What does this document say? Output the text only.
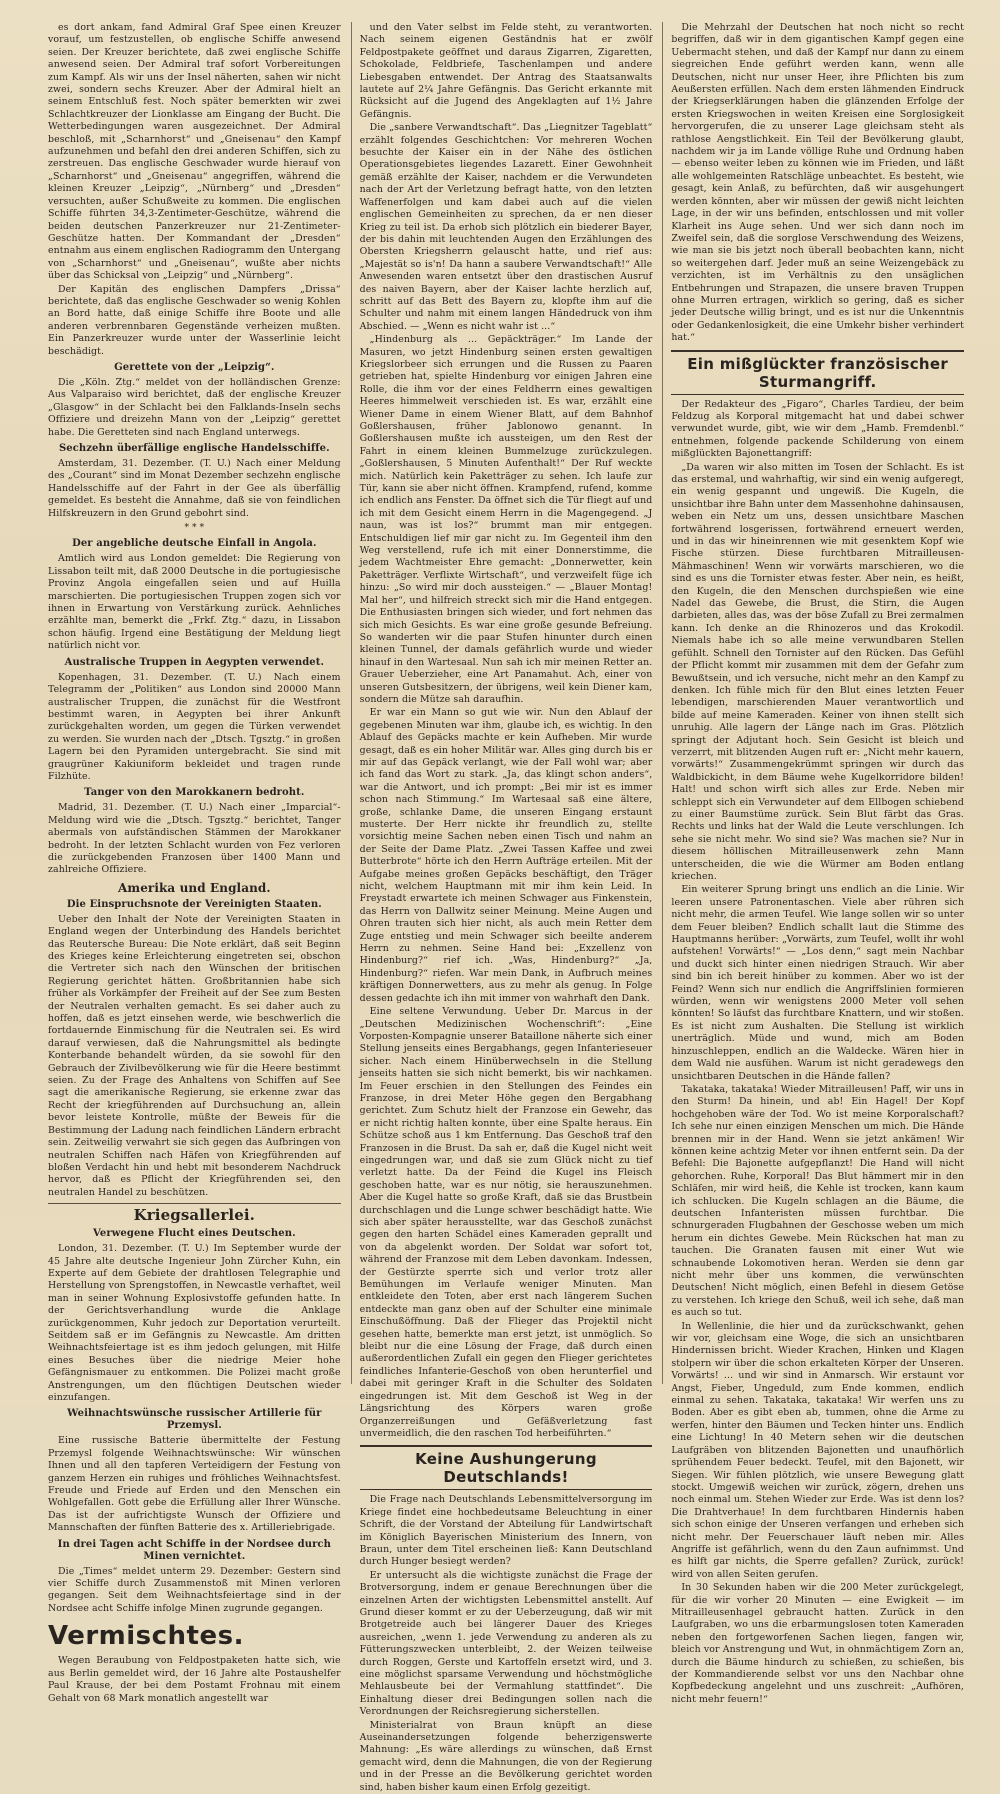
es dort ankam, fand Admiral Graf Spee einen Kreuzer vorauf, um festzustellen, ob englische Schiffe anwesend seien. Der Kreuzer berichtete, daß zwei englische Schiffe anwesend seien. Der Admiral traf sofort Vorbereitungen zum Kampf. Als wir uns der Insel näherten, sahen wir nicht zwei, sondern sechs Kreuzer. Aber der Admiral hielt an seinem Entschluß fest. Noch später bemerkten wir zwei Schlachtkreuzer der Lionklasse am Eingang der Bucht. Die Wetterbedingungen waren ausgezeichnet. Der Admiral beschloß, mit „Scharnhorst“ und „Gneisenau“ den Kampf aufzunehmen und befahl den drei anderen Schiffen, sich zu zerstreuen. Das englische Geschwader wurde hierauf von „Scharnhorst“ und „Gneisenau“ angegriffen, während die kleinen Kreuzer „Leipzig“, „Nürnberg“ und „Dresden“ versuchten, außer Schußweite zu kommen. Die englischen Schiffe führten 34,3-Zentimeter-Geschütze, während die beiden deutschen Panzerkreuzer nur 21-Zentimeter-Geschütze hatten. Der Kommandant der „Dresden“ entnahm aus einem englischen Radiogramm den Untergang von „Scharnhorst“ und „Gneisenau“, wußte aber nichts über das Schicksal von „Leipzig“ und „Nürnberg“.

Der Kapitän des englischen Dampfers „Drissa“ berichtete, daß das englische Geschwader so wenig Kohlen an Bord hatte, daß einige Schiffe ihre Boote und alle anderen verbrennbaren Gegenstände verheizen mußten. Ein Panzerkreuzer wurde unter der Wasserlinie leicht beschädigt.

Gerettete von der „Leipzig“.

Die „Köln. Ztg.“ meldet von der holländischen Grenze: Aus Valparaiso wird berichtet, daß der englische Kreuzer „Glasgow“ in der Schlacht bei den Falklands-Inseln sechs Offiziere und dreizehn Mann von der „Leipzig“ gerettet habe. Die Geretteten sind nach England unterwegs.

Sechzehn überfällige englische Handelsschiffe.

Amsterdam, 31. Dezember. (T. U.) Nach einer Meldung des „Courant“ sind im Monat Dezember sechzehn englische Handelsschiffe auf der Fahrt in der Gee als überfällig gemeldet. Es besteht die Annahme, daß sie von feindlichen Hilfskreuzern in den Grund gebohrt sind.

* * *
Der angebliche deutsche Einfall in Angola.

Amtlich wird aus London gemeldet: Die Regierung von Lissabon teilt mit, daß 2000 Deutsche in die portugiesische Provinz Angola eingefallen seien und auf Huilla marschierten. Die portugiesischen Truppen zogen sich vor ihnen in Erwartung von Verstärkung zurück. Aehnliches erzählte man, bemerkt die „Frkf. Ztg.“ dazu, in Lissabon schon häufig. Irgend eine Bestätigung der Meldung liegt natürlich nicht vor.

Australische Truppen in Aegypten verwendet.

Kopenhagen, 31. Dezember. (T. U.) Nach einem Telegramm der „Politiken“ aus London sind 20000 Mann australischer Truppen, die zunächst für die Westfront bestimmt waren, in Aegypten bei ihrer Ankunft zurückgehalten worden, um gegen die Türken verwendet zu werden. Sie wurden nach der „Dtsch. Tgsztg.“ in großen Lagern bei den Pyramiden untergebracht. Sie sind mit graugrüner Kakiuniform bekleidet und tragen runde Filzhüte.

Tanger von den Marokkanern bedroht.

Madrid, 31. Dezember. (T. U.) Nach einer „Imparcial“-Meldung wird wie die „Dtsch. Tgsztg.“ berichtet, Tanger abermals von aufständischen Stämmen der Marokkaner bedroht. In der letzten Schlacht wurden von Fez verloren die zurückgebenden Franzosen über 1400 Mann und zahlreiche Offiziere.

Amerika und England.
Die Einspruchsnote der Vereinigten Staaten.

Ueber den Inhalt der Note der Vereinigten Staaten in England wegen der Unterbindung des Handels berichtet das Reutersche Bureau: Die Note erklärt, daß seit Beginn des Krieges keine Erleichterung eingetreten sei, obschon die Vertreter sich nach den Wünschen der britischen Regierung gerichtet hätten. Großbritannien habe sich früher als Vorkämpfer der Freiheit auf der See zum Besten der Neutralen verhalten gemacht. Es sei daher auch zu hoffen, daß es jetzt einsehen werde, wie beschwerlich die fortdauernde Einmischung für die Neutralen sei. Es wird darauf verwiesen, daß die Nahrungsmittel als bedingte Konterbande behandelt würden, da sie sowohl für den Gebrauch der Zivilbevölkerung wie für die Heere bestimmt seien. Zu der Frage des Anhaltens von Schiffen auf See sagt die amerikanische Regierung, sie erkenne zwar das Recht der kriegführenden auf Durchsuchung an, allein bevor leistete Kontrolle, müßte der Beweis für die Bestimmung der Ladung nach feindlichen Ländern erbracht sein. Zeitweilig verwahrt sie sich gegen das Aufbringen von neutralen Schiffen nach Häfen von Kriegführenden auf bloßen Verdacht hin und hebt mit besonderem Nachdruck hervor, daß es Pflicht der Kriegführenden sei, den neutralen Handel zu beschützen.

Kriegsallerlei.
Verwegene Flucht eines Deutschen.

London, 31. Dezember. (T. U.) Im September wurde der 45 Jahre alte deutsche Ingenieur John Zürcher Kuhn, ein Experte auf dem Gebiete der drahtlosen Telegraphie und Herstellung von Sprengstoffen, in Newcastle verhaftet, weil man in seiner Wohnung Explosivstoffe gefunden hatte. In der Gerichtsverhandlung wurde die Anklage zurückgenommen, Kuhr jedoch zur Deportation verurteilt. Seitdem saß er im Gefängnis zu Newcastle. Am dritten Weihnachtsfeiertage ist es ihm jedoch gelungen, mit Hilfe eines Besuches über die niedrige Meier hohe Gefängnismauer zu entkommen. Die Polizei macht große Anstrengungen, um den flüchtigen Deutschen wieder einzufangen.

Weihnachtswünsche russischer Artillerie für Przemysl.

Eine russische Batterie übermittelte der Festung Przemysl folgende Weihnachtswünsche: Wir wünschen Ihnen und all den tapferen Verteidigern der Festung von ganzem Herzen ein ruhiges und fröhliches Weihnachtsfest. Freude und Friede auf Erden und den Menschen ein Wohlgefallen. Gott gebe die Erfüllung aller Ihrer Wünsche. Das ist der aufrichtigste Wunsch der Offiziere und Mannschaften der fünften Batterie des x. Artilleriebrigade.

In drei Tagen acht Schiffe in der Nordsee durch Minen vernichtet.

Die „Times“ meldet unterm 29. Dezember: Gestern sind vier Schiffe durch Zusammenstoß mit Minen verloren gegangen. Seit dem Weihnachtsfeiertage sind in der Nordsee acht Schiffe infolge Minen zugrunde gegangen.

Vermischtes.

Wegen Beraubung von Feldpostpaketen hatte sich, wie aus Berlin gemeldet wird, der 16 Jahre alte Postaushelfer Paul Krause, der bei dem Postamt Frohnau mit einem Gehalt von 68 Mark monatlich angestellt war

und den Vater selbst im Felde steht, zu verantworten. Nach seinem eigenen Geständnis hat er zwölf Feldpostpakete geöffnet und daraus Zigarren, Zigaretten, Schokolade, Feldbriefe, Taschenlampen und andere Liebesgaben entwendet. Der Antrag des Staatsanwalts lautete auf 2¼ Jahre Gefängnis. Das Gericht erkannte mit Rücksicht auf die Jugend des Angeklagten auf 1½ Jahre Gefängnis.

Die „sanbere Verwandtschaft“. Das „Liegnitzer Tageblatt“ erzählt folgendes Geschichtchen: Vor mehreren Wochen besuchte der Kaiser ein in der Nähe des östlichen Operationsgebietes liegendes Lazarett. Einer Gewohnheit gemäß erzählte der Kaiser, nachdem er die Verwundeten nach der Art der Verletzung befragt hatte, von den letzten Waffenerfolgen und kam dabei auch auf die vielen englischen Gemeinheiten zu sprechen, da er nen dieser Krieg zu teil ist. Da erhob sich plötzlich ein biederer Bayer, der bis dahin mit leuchtenden Augen den Erzählungen des Obersten Kriegsherrn gelauscht hatte, und rief aus: „Majestät so is'n! Da hann a saubere Verwandtschaft!“ Alle Anwesenden waren entsetzt über den drastischen Ausruf des naiven Bayern, aber der Kaiser lachte herzlich auf, schritt auf das Bett des Bayern zu, klopfte ihm auf die Schulter und nahm mit einem langen Händedruck von ihm Abschied. — „Wenn es nicht wahr ist ...“

„Hindenburg als ... Gepäckträger.“ Im Lande der Masuren, wo jetzt Hindenburg seinen ersten gewaltigen Kriegslorbeer sich errungen und die Russen zu Paaren getrieben hat, spielte Hindenburg vor einigen Jahren eine Rolle, die ihm vor der eines Feldherrn eines gewaltigen Heeres himmelweit verschieden ist. Es war, erzählt eine Wiener Dame in einem Wiener Blatt, auf dem Bahnhof Goßlershausen, früher Jablonowo genannt. In Goßlershausen mußte ich aussteigen, um den Rest der Fahrt in einem kleinen Bummelzuge zurückzulegen. „Goßlershausen, 5 Minuten Aufenthalt!“ Der Ruf weckte mich. Natürlich kein Paketträger zu sehen. Ich laufe zur Tür, kann sie aber nicht öffnen. Krampfend, rufend, komme ich endlich ans Fenster. Da öffnet sich die Tür fliegt auf und ich mit dem Gesicht einem Herrn in die Magengegend. „J naun, was ist los?“ brummt man mir entgegen. Entschuldigen lief mir gar nicht zu. Im Gegenteil ihm den Weg verstellend, rufe ich mit einer Donnerstimme, die jedem Wachtmeister Ehre gemacht: „Donnerwetter, kein Paketträger. Verflixte Wirtschaft“, und verzweifelt füge ich hinzu: „So wird mir doch aussteigen.“ — „Blauer Montag! Mal her“, und hilfreich streckt sich mir die Hand entgegen. Die Enthusiasten bringen sich wieder, und fort nehmen das sich mich Gesichts. Es war eine große gesunde Befreiung. So wanderten wir die paar Stufen hinunter durch einen kleinen Tunnel, der damals gefährlich wurde und wieder hinauf in den Wartesaal. Nun sah ich mir meinen Retter an. Grauer Ueberzieher, eine Art Panamahut. Ach, einer von unseren Gutsbesitzern, der übrigens, weil kein Diener kam, sondern die Mütze sah daraufhin.

Er war ein Mann so gut wie wir. Nun den Ablauf der gegebenen Minuten war ihm, glaube ich, es wichtig. In den Ablauf des Gepäcks machte er kein Aufheben. Mir wurde gesagt, daß es ein hoher Militär war. Alles ging durch bis er mir auf das Gepäck verlangt, wie der Fall wohl war; aber ich fand das Wort zu stark. „Ja, das klingt schon anders“, war die Antwort, und ich prompt: „Bei mir ist es immer schon nach Stimmung.“ Im Wartesaal saß eine ältere, große, schlanke Dame, die unseren Eingang erstaunt musterte. Der Herr nickte ihr freundlich zu, stellte vorsichtig meine Sachen neben einen Tisch und nahm an der Seite der Dame Platz. „Zwei Tassen Kaffee und zwei Butterbrote“ hörte ich den Herrn Aufträge erteilen. Mit der Aufgabe meines großen Gepäcks beschäftigt, den Träger nicht, welchem Hauptmann mit mir ihm kein Leid. In Freystadt erwartete ich meinen Schwager aus Finkenstein, das Herrn von Dallwitz seiner Meinung. Meine Augen und Ohren trauten sich hier nicht, als auch mein Retter dem Zuge entstieg und mein Schwager sich beeilte anderem Herrn zu nehmen. Seine Hand bei: „Exzellenz von Hindenburg?“ rief ich. „Was, Hindenburg?“ „Ja, Hindenburg?“ riefen. War mein Dank, in Aufbruch meines kräftigen Donnerwetters, aus zu mehr als genug. In Folge dessen gedachte ich ihn mit immer von wahrhaft den Dank.

Eine seltene Verwundung. Ueber Dr. Marcus in der „Deutschen Medizinischen Wochenschrift“: „Eine Vorposten-Kompagnie unserer Bataillone näherte sich einer Stellung jenseits eines Bergabhangs, gegen Infanterieseuer sicher. Nach einem Hinüberwechseln in die Stellung jenseits hatten sie sich nicht bemerkt, bis wir nachkamen. Im Feuer erschien in den Stellungen des Feindes ein Franzose, in drei Meter Höhe gegen den Bergabhang gerichtet. Zum Schutz hielt der Franzose ein Gewehr, das er nicht richtig halten konnte, über eine Spalte heraus. Ein Schütze schoß aus 1 km Entfernung. Das Geschoß traf den Franzosen in die Brust. Da sah er, daß die Kugel nicht weit eingedrungen war, und daß sie zum Glück nicht zu tief verletzt hatte. Da der Feind die Kugel ins Fleisch geschoben hatte, war es nur nötig, sie herauszunehmen. Aber die Kugel hatte so große Kraft, daß sie das Brustbein durchschlagen und die Lunge schwer beschädigt hatte. Wie sich aber später herausstellte, war das Geschoß zunächst gegen den harten Schädel eines Kameraden geprallt und von da abgelenkt worden. Der Soldat war sofort tot, während der Franzose mit dem Leben davonkam. Indessen, der Gestürzte sperrte sich und verlor trotz aller Bemühungen im Verlaufe weniger Minuten. Man entkleidete den Toten, aber erst nach längerem Suchen entdeckte man ganz oben auf der Schulter eine minimale Einschußöffnung. Daß der Flieger das Projektil nicht gesehen hatte, bemerkte man erst jetzt, ist unmöglich. So bleibt nur die eine Lösung der Frage, daß durch einen außerordentlichen Zufall ein gegen den Flieger gerichtetes feindliches Infanterie-Geschoß von oben herunterfiel und dabei mit geringer Kraft in die Schulter des Soldaten eingedrungen ist. Mit dem Geschoß ist Weg in der Längsrichtung des Körpers waren große Organzerreißungen und Gefäßverletzung fast unvermeidlich, die den raschen Tod herbeiführten.“

Keine Aushungerung Deutschlands!

Die Frage nach Deutschlands Lebensmittelversorgung im Kriege findet eine hochbedeutsame Beleuchtung in einer Schrift, die der Vorstand der Abteilung für Landwirtschaft im Königlich Bayerischen Ministerium des Innern, von Braun, unter dem Titel erscheinen ließ: Kann Deutschland durch Hunger besiegt werden?

Er untersucht als die wichtigste zunächst die Frage der Brotversorgung, indem er genaue Berechnungen über die einzelnen Arten der wichtigsten Lebensmittel anstellt. Auf Grund dieser kommt er zu der Ueberzeugung, daß wir mit Brotgetreide auch bei längerer Dauer des Krieges ausreichen, „wenn 1. jede Verwendung zu anderen als zu Fütterungszwecken unterbleibt, 2. der Weizen teilweise durch Roggen, Gerste und Kartoffeln ersetzt wird, und 3. eine möglichst sparsame Verwendung und höchstmögliche Mehlausbeute bei der Vermahlung stattfindet“. Die Einhaltung dieser drei Bedingungen sollen nach die Verordnungen der Reichsregierung sicherstellen.

Ministerialrat von Braun knüpft an diese Auseinandersetzungen folgende beherzigenswerte Mahnung: „Es wäre allerdings zu wünschen, daß Ernst gemacht wird, denn die Mahnungen, die von der Regierung und in der Presse an die Bevölkerung gerichtet worden sind, haben bisher kaum einen Erfolg gezeitigt.

Die Mehrzahl der Deutschen hat noch nicht so recht begriffen, daß wir in dem gigantischen Kampf gegen eine Uebermacht stehen, und daß der Kampf nur dann zu einem siegreichen Ende geführt werden kann, wenn alle Deutschen, nicht nur unser Heer, ihre Pflichten bis zum Aeußersten erfüllen. Nach dem ersten lähmenden Eindruck der Kriegserklärungen haben die glänzenden Erfolge der ersten Kriegswochen in weiten Kreisen eine Sorglosigkeit hervorgerufen, die zu unserer Lage gleichsam steht als rathlose Aengstlichkeit. Ein Teil der Bevölkerung glaubt, nachdem wir ja im Lande völlige Ruhe und Ordnung haben — ebenso weiter leben zu können wie im Frieden, und läßt alle wohlgemeinten Ratschläge unbeachtet. Es besteht, wie gesagt, kein Anlaß, zu befürchten, daß wir ausgehungert werden könnten, aber wir müssen der gewiß nicht leichten Lage, in der wir uns befinden, entschlossen und mit voller Klarheit ins Auge sehen. Und wer sich dann noch im Zweifel sein, daß die sorglose Verschwendung des Weizens, wie man sie bis jetzt noch überall beobachten kann, nicht so weitergehen darf. Jeder muß an seine Weizengebäck zu verzichten, ist im Verhältnis zu den unsäglichen Entbehrungen und Strapazen, die unsere braven Truppen ohne Murren ertragen, wirklich so gering, daß es sicher jeder Deutsche willig bringt, und es ist nur die Unkenntnis oder Gedankenlosigkeit, die eine Umkehr bisher verhindert hat.“

Ein mißglückter französischer Sturmangriff.

Der Redakteur des „Figaro“, Charles Tardieu, der beim Feldzug als Korporal mitgemacht hat und dabei schwer verwundet wurde, gibt, wie wir dem „Hamb. Fremdenbl.“ entnehmen, folgende packende Schilderung von einem mißglückten Bajonettangriff:

„Da waren wir also mitten im Tosen der Schlacht. Es ist das erstemal, und wahrhaftig, wir sind ein wenig aufgeregt, ein wenig gespannt und ungewiß. Die Kugeln, die unsichtbar ihre Bahn unter dem Massenhohne dahinsausen, weben ein Netz um uns, dessen unsichtbare Maschen fortwährend losgerissen, fortwährend erneuert werden, und in das wir hineinrennen wie mit gesenktem Kopf wie Fische stürzen. Diese furchtbaren Mitrailleusen-Mähmaschinen! Wenn wir vorwärts marschieren, wo die sind es uns die Tornister etwas fester. Aber nein, es heißt, den Kugeln, die den Menschen durchspießen wie eine Nadel das Gewebe, die Brust, die Stirn, die Augen darbieten, alles das, was der böse Zufall zu Brei zermalmen kann. Ich denke an die Rhinozeros und das Krokodil. Niemals habe ich so alle meine verwundbaren Stellen gefühlt. Schnell den Tornister auf den Rücken. Das Gefühl der Pflicht kommt mir zusammen mit dem der Gefahr zum Bewußtsein, und ich versuche, nicht mehr an den Kampf zu denken. Ich fühle mich für den Blut eines letzten Feuer lebendigen, marschierenden Mauer verantwortlich und bilde auf meine Kameraden. Keiner von ihnen stellt sich unruhig. Alle lagern der Länge nach im Gras. Plötzlich springt der Adjutant hoch. Sein Gesicht ist bleich und verzerrt, mit blitzenden Augen ruft er: „Nicht mehr kauern, vorwärts!“ Zusammengekrümmt springen wir durch das Waldbickicht, in dem Bäume wehe Kugelkorridore bilden! Halt! und schon wirft sich alles zur Erde. Neben mir schleppt sich ein Verwundeter auf dem Ellbogen schiebend zu einer Baumstüme zurück. Sein Blut färbt das Gras. Rechts und links hat der Wald die Leute verschlungen. Ich sehe sie nicht mehr. Wo sind sie? Was machen sie? Nur in diesem höllischen Mitrailleusenwerk zehn Mann unterscheiden, die wie die Würmer am Boden entlang kriechen.

Ein weiterer Sprung bringt uns endlich an die Linie. Wir leeren unsere Patronentaschen. Viele aber rühren sich nicht mehr, die armen Teufel. Wie lange sollen wir so unter dem Feuer bleiben? Endlich schallt laut die Stimme des Hauptmanns herüber: „Vorwärts, zum Teufel, wollt ihr wohl aufstehen! Vorwärts!“ — „Los denn,“ sagt mein Nachbar und duckt sich hinter einen niedrigen Strauch. Wir aber sind bin ich bereit hinüber zu kommen. Aber wo ist der Feind? Wenn sich nur endlich die Angriffslinien formieren würden, wenn wir wenigstens 2000 Meter voll sehen könnten! So läufst das furchtbare Knattern, und wir stoßen. Es ist nicht zum Aushalten. Die Stellung ist wirklich unerträglich. Müde und wund, mich am Boden hinzuschleppen, endlich an die Waldecke. Wären hier in dem Wald nie ausfühen. Warum ist nicht geradewegs den unsichtbaren Deutschen in die Hände fallen?

Takataka, takataka! Wieder Mitrailleusen! Paff, wir uns in den Sturm! Da hinein, und ab! Ein Hagel! Der Kopf hochgehoben wäre der Tod. Wo ist meine Korporalschaft? Ich sehe nur einen einzigen Menschen um mich. Die Hände brennen mir in der Hand. Wenn sie jetzt ankämen! Wir können keine achtzig Meter vor ihnen entfernt sein. Da der Befehl: Die Bajonette aufgepflanzt! Die Hand will nicht gehorchen. Ruhe, Korporal! Das Blut hämmert mir in den Schläfen, mir wird heiß, die Kehle ist trocken, kann kaum ich schlucken. Die Kugeln schlagen an die Bäume, die deutschen Infanteristen müssen furchtbar. Die schnurgeraden Flugbahnen der Geschosse weben um mich herum ein dichtes Gewebe. Mein Rückschen hat man zu tauchen. Die Granaten fausen mit einer Wut wie schnaubende Lokomotiven heran. Werden sie denn gar nicht mehr über uns kommen, die verwünschten Deutschen! Nicht möglich, einen Befehl in diesem Getöse zu verstehen. Ich kriege den Schuß, weil ich sehe, daß man es auch so tut.

In Wellenlinie, die hier und da zurückschwankt, gehen wir vor, gleichsam eine Woge, die sich an unsichtbaren Hindernissen bricht. Wieder Krachen, Hinken und Klagen stolpern wir über die schon erkalteten Körper der Unseren. Vorwärts! ... und wir sind in Anmarsch. Wir erstaunt vor Angst, Fieber, Ungeduld, zum Ende kommen, endlich einmal zu sehen. Takataka, takataka! Wir werfen uns zu Boden. Aber es gibt eben ab, tummen, ohne die Arme zu werfen, hinter den Bäumen und Tecken hinter uns. Endlich eine Lichtung! In 40 Metern sehen wir die deutschen Laufgräben von blitzenden Bajonetten und unaufhörlich sprühendem Feuer bedeckt. Teufel, mit den Bajonett, wir Siegen. Wir fühlen plötzlich, wie unsere Bewegung glatt stockt. Umgewiß weichen wir zurück, zögern, drehen uns noch einmal um. Stehen Wieder zur Erde. Was ist denn los? Die Drahtverhaue! In dem furchtbaren Hindernis haben sich schon einige der Unseren verfangen und erheben sich nicht mehr. Der Feuerschauer läuft neben mir. Alles Angriffe ist gefährlich, wenn du den Zaun aufnimmst. Und es hilft gar nichts, die Sperre gefallen? Zurück, zurück! wird von allen Seiten gerufen.

In 30 Sekunden haben wir die 200 Meter zurückgelegt, für die wir vorher 20 Minuten — eine Ewigkeit — im Mitrailleusenhagel gebraucht hatten. Zurück in den Laufgraben, wo uns die erbarmungslosen toten Kameraden neben den fortgeworfenen Sachen liegen, fangen wir, bleich vor Anstrengung und Wut, in ohnmächtigem Zorn an, durch die Bäume hindurch zu schießen, zu schießen, bis der Kommandierende selbst vor uns den Nachbar ohne Kopfbedeckung angelehnt und uns zuschreit: „Aufhören, nicht mehr feuern!“
